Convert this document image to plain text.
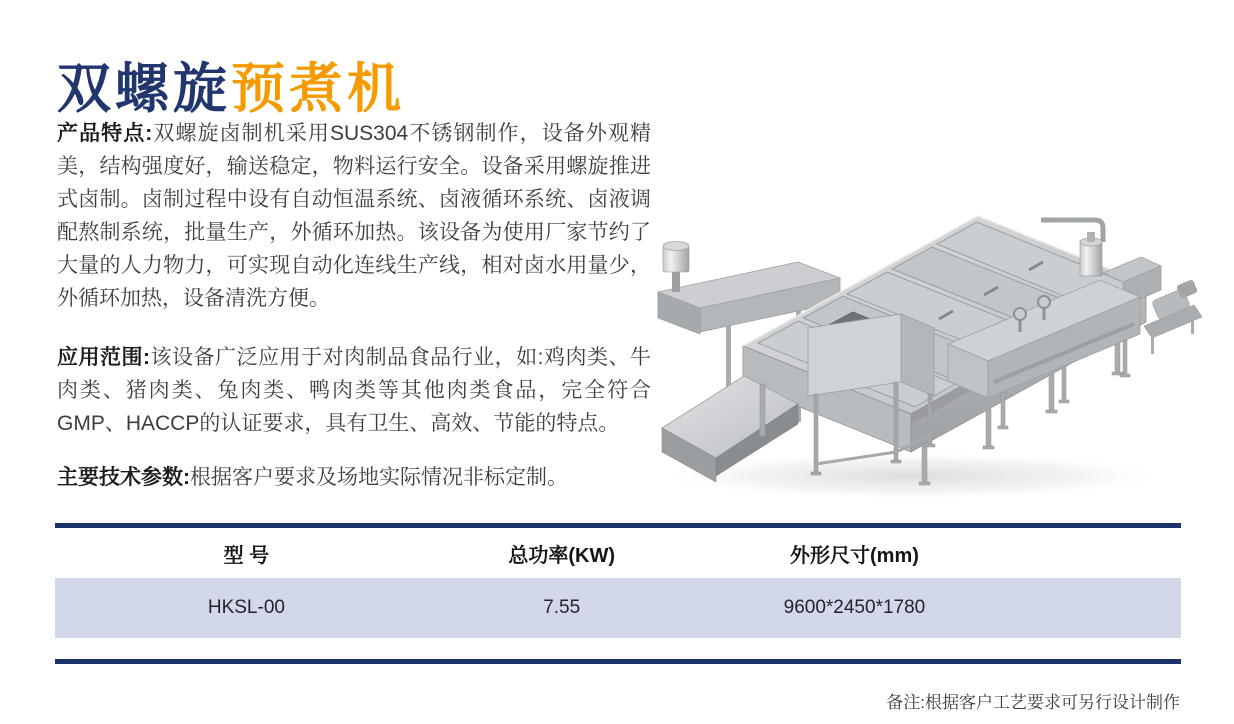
双螺旋预煮机

产品特点:双螺旋卤制机采用SUS304不锈钢制作，设备外观精美，结构强度好，输送稳定，物料运行安全。设备采用螺旋推进式卤制。卤制过程中设有自动恒温系统、卤液循环系统、卤液调配熬制系统，批量生产，外循环加热。该设备为使用厂家节约了大量的人力物力，可实现自动化连线生产线，相对卤水用量少，外循环加热，设备清洗方便。

应用范围:该设备广泛应用于对肉制品食品行业，如:鸡肉类、牛肉类、猪肉类、兔肉类、鸭肉类等其他肉类食品，完全符合GMP、HACCP的认证要求，具有卫生、高效、节能的特点。

主要技术参数:根据客户要求及场地实际情况非标定制。

型 号	总功率(KW)	外形尺寸(mm)
HKSL-00	7.55	9600*2450*1780
备注:根据客户工艺要求可另行设计制作
